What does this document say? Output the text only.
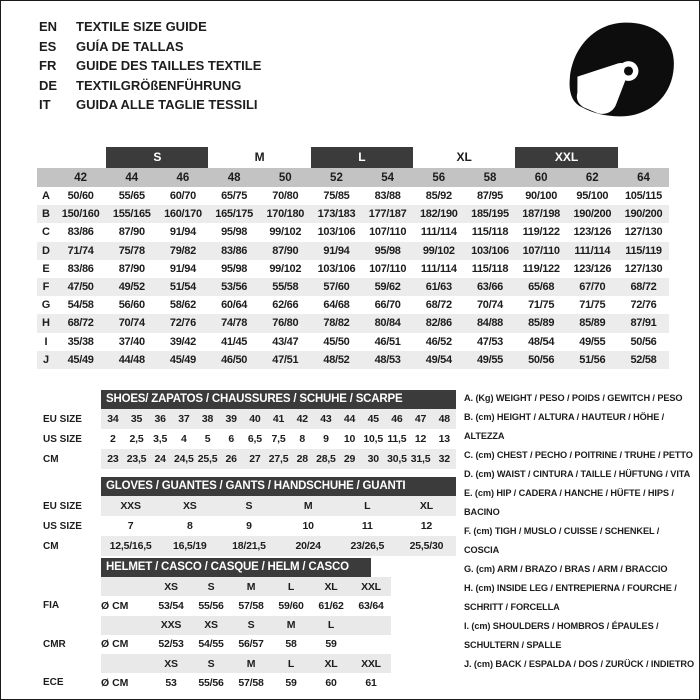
EN	TEXTILE SIZE GUIDE
ES	GUÍA DE TALLAS
FR	GUIDE DES TAILLES TEXTILE
DE	TEXTILGRÖßENFÜHRUNG
IT	GUIDA ALLE TAGLIE TESSILI
S	M	L	XL	XXL
42	44	46	48	50	52	54	56	58	60	62	64
A	50/60	55/65	60/70	65/75	70/80	75/85	83/88	85/92	87/95	90/100	95/100	105/115
B	150/160	155/165	160/170	165/175	170/180	173/183	177/187	182/190	185/195	187/198	190/200	190/200
C	83/86	87/90	91/94	95/98	99/102	103/106	107/110	111/114	115/118	119/122	123/126	127/130
D	71/74	75/78	79/82	83/86	87/90	91/94	95/98	99/102	103/106	107/110	111/114	115/119
E	83/86	87/90	91/94	95/98	99/102	103/106	107/110	111/114	115/118	119/122	123/126	127/130
F	47/50	49/52	51/54	53/56	55/58	57/60	59/62	61/63	63/66	65/68	67/70	68/72
G	54/58	56/60	58/62	60/64	62/66	64/68	66/70	68/72	70/74	71/75	71/75	72/76
H	68/72	70/74	72/76	74/78	76/80	78/82	80/84	82/86	84/88	85/89	85/89	87/91
I	35/38	37/40	39/42	41/45	43/47	45/50	46/51	46/52	47/53	48/54	49/55	50/56
J	45/49	44/48	45/49	46/50	47/51	48/52	48/53	49/54	49/55	50/56	51/56	52/58
SHOES/ ZAPATOS / CHAUSSURES / SCHUHE / SCARPE
EU SIZE	34	35	36	37	38	39	40	41	42	43	44	45	46	47	48
US SIZE	2	2,5 3,5	4	5	6	6,5 7,5	8	9	10 10,5 11,5 12	13
CM	23 23,5 24 24,5 25,5 26	27 27,5 28 28,5 29	30 30,5 31,5 32
GLOVES / GUANTES / GANTS / HANDSCHUHE / GUANTI
EU SIZE	XXS	XS	S	M	L	XL
US SIZE	7	8	9	10	11	12
CM	12,5/16,5	16,5/19	18/21,5	20/24	23/26,5	25,5/30
HELMET / CASCO / CASQUE / HELM / CASCO
XS	S	M	L	XL	XXL
FIA	Ø CM	53/54	55/56	57/58	59/60	61/62	63/64
XXS	XS	S	M	L
CMR	Ø CM	52/53	54/55	56/57	58	59
XS	S	M	L	XL	XXL
ECE	Ø CM	53	55/56	57/58	59	60	61
A. (Kg) WEIGHT / PESO / POIDS / GEWITCH / PESO
B. (cm) HEIGHT / ALTURA / HAUTEUR / HÖHE / ALTEZZA
C. (cm) CHEST / PECHO / POITRINE / TRUHE / PETTO
D. (cm) WAIST / CINTURA / TAILLE / HÜFTUNG / VITA
E. (cm) HIP / CADERA / HANCHE / HÜFTE / HIPS / BACINO
F. (cm) TIGH / MUSLO / CUISSE / SCHENKEL / COSCIA
G. (cm) ARM / BRAZO / BRAS / ARM / BRACCIO
H. (cm) INSIDE LEG / ENTREPIERNA / FOURCHE / SCHRITT / FORCELLA
I. (cm) SHOULDERS / HOMBROS / ÉPAULES / SCHULTERN / SPALLE
J. (cm) BACK / ESPALDA / DOS / ZURÜCK / INDIETRO
